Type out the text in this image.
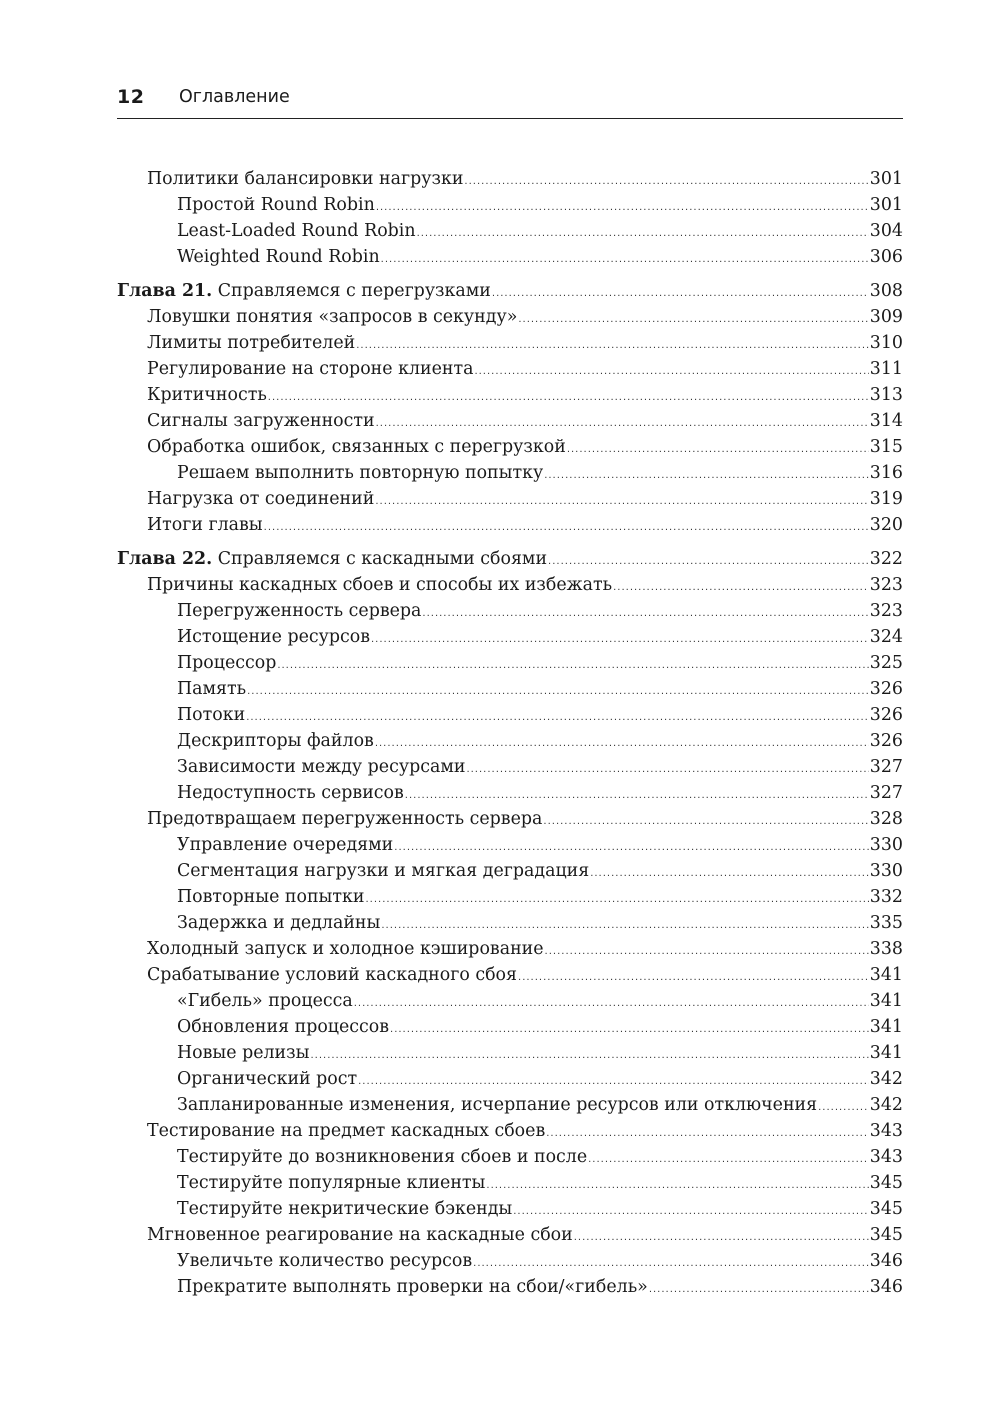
12 Оглавление
Политики балансировки нагрузки .....	301
Простой Round Robin .....	301
Least-Loaded Round Robin .....	304
Weighted Round Robin .....	306
Глава 21. Справляемся с перегрузками .....	308
Ловушки понятия «запросов в секунду» .....	309
Лимиты потребителей .....	310
Регулирование на стороне клиента .....	311
Критичность .....	313
Сигналы загруженности .....	314
Обработка ошибок, связанных с перегрузкой .....	315
Решаем выполнить повторную попытку .....	316
Нагрузка от соединений .....	319
Итоги главы .....	320
Глава 22. Справляемся с каскадными сбоями .....	322
Причины каскадных сбоев и способы их избежать .....	323
Перегруженность сервера .....	323
Истощение ресурсов .....	324
Процессор .....	325
Память .....	326
Потоки .....	326
Дескрипторы файлов .....	326
Зависимости между ресурсами .....	327
Недоступность сервисов .....	327
Предотвращаем перегруженность сервера .....	328
Управление очередями .....	330
Сегментация нагрузки и мягкая деградация .....	330
Повторные попытки .....	332
Задержка и дедлайны .....	335
Холодный запуск и холодное кэширование .....	338
Срабатывание условий каскадного сбоя .....	341
«Гибель» процесса .....	341
Обновления процессов .....	341
Новые релизы .....	341
Органический рост .....	342
Запланированные изменения, исчерпание ресурсов или отключения .....	342
Тестирование на предмет каскадных сбоев .....	343
Тестируйте до возникновения сбоев и после .....	343
Тестируйте популярные клиенты .....	345
Тестируйте некритические бэкенды .....	345
Мгновенное реагирование на каскадные сбои .....	345
Увеличьте количество ресурсов .....	346
Прекратите выполнять проверки на сбои/«гибель» .....	346
